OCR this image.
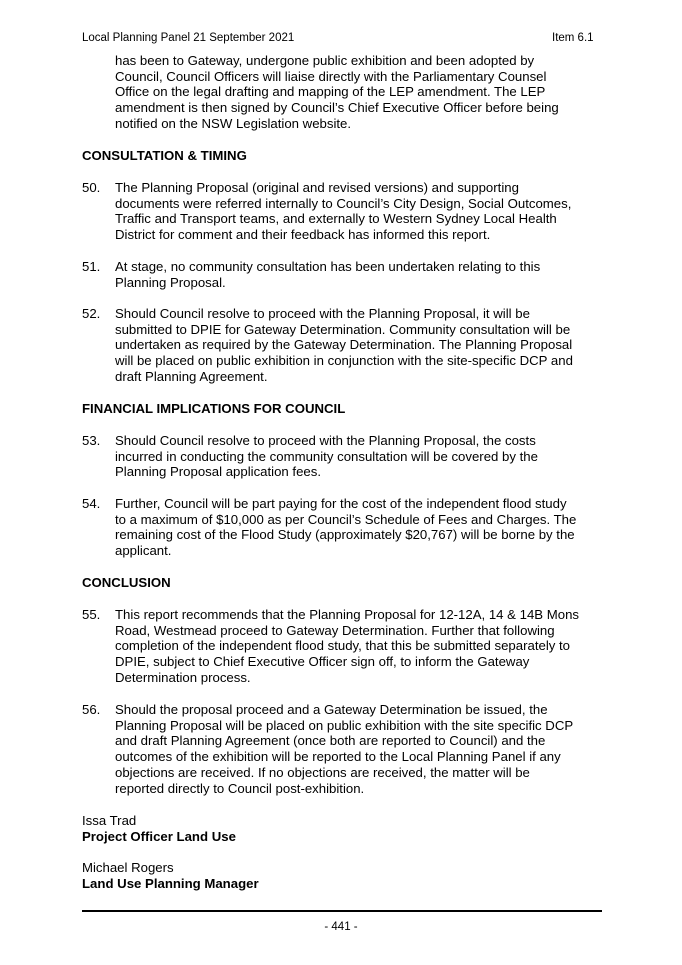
Local Planning Panel 21 September 2021	Item 6.1
has been to Gateway, undergone public exhibition and been adopted by
Council, Council Officers will liaise directly with the Parliamentary Counsel
Office on the legal drafting and mapping of the LEP amendment. The LEP
amendment is then signed by Council’s Chief Executive Officer before being
notified on the NSW Legislation website.
CONSULTATION & TIMING
50. The Planning Proposal (original and revised versions) and supporting
documents were referred internally to Council’s City Design, Social Outcomes,
Traffic and Transport teams, and externally to Western Sydney Local Health
District for comment and their feedback has informed this report.
51. At stage, no community consultation has been undertaken relating to this
Planning Proposal.
52. Should Council resolve to proceed with the Planning Proposal, it will be
submitted to DPIE for Gateway Determination. Community consultation will be
undertaken as required by the Gateway Determination. The Planning Proposal
will be placed on public exhibition in conjunction with the site-specific DCP and
draft Planning Agreement.
FINANCIAL IMPLICATIONS FOR COUNCIL
53. Should Council resolve to proceed with the Planning Proposal, the costs
incurred in conducting the community consultation will be covered by the
Planning Proposal application fees.
54. Further, Council will be part paying for the cost of the independent flood study
to a maximum of $10,000 as per Council’s Schedule of Fees and Charges. The
remaining cost of the Flood Study (approximately $20,767) will be borne by the
applicant.
CONCLUSION
55. This report recommends that the Planning Proposal for 12-12A, 14 & 14B Mons
Road, Westmead proceed to Gateway Determination. Further that following
completion of the independent flood study, that this be submitted separately to
DPIE, subject to Chief Executive Officer sign off, to inform the Gateway
Determination process.
56. Should the proposal proceed and a Gateway Determination be issued, the
Planning Proposal will be placed on public exhibition with the site specific DCP
and draft Planning Agreement (once both are reported to Council) and the
outcomes of the exhibition will be reported to the Local Planning Panel if any
objections are received. If no objections are received, the matter will be
reported directly to Council post-exhibition.
Issa Trad
Project Officer Land Use
Michael Rogers
Land Use Planning Manager
- 441 -
